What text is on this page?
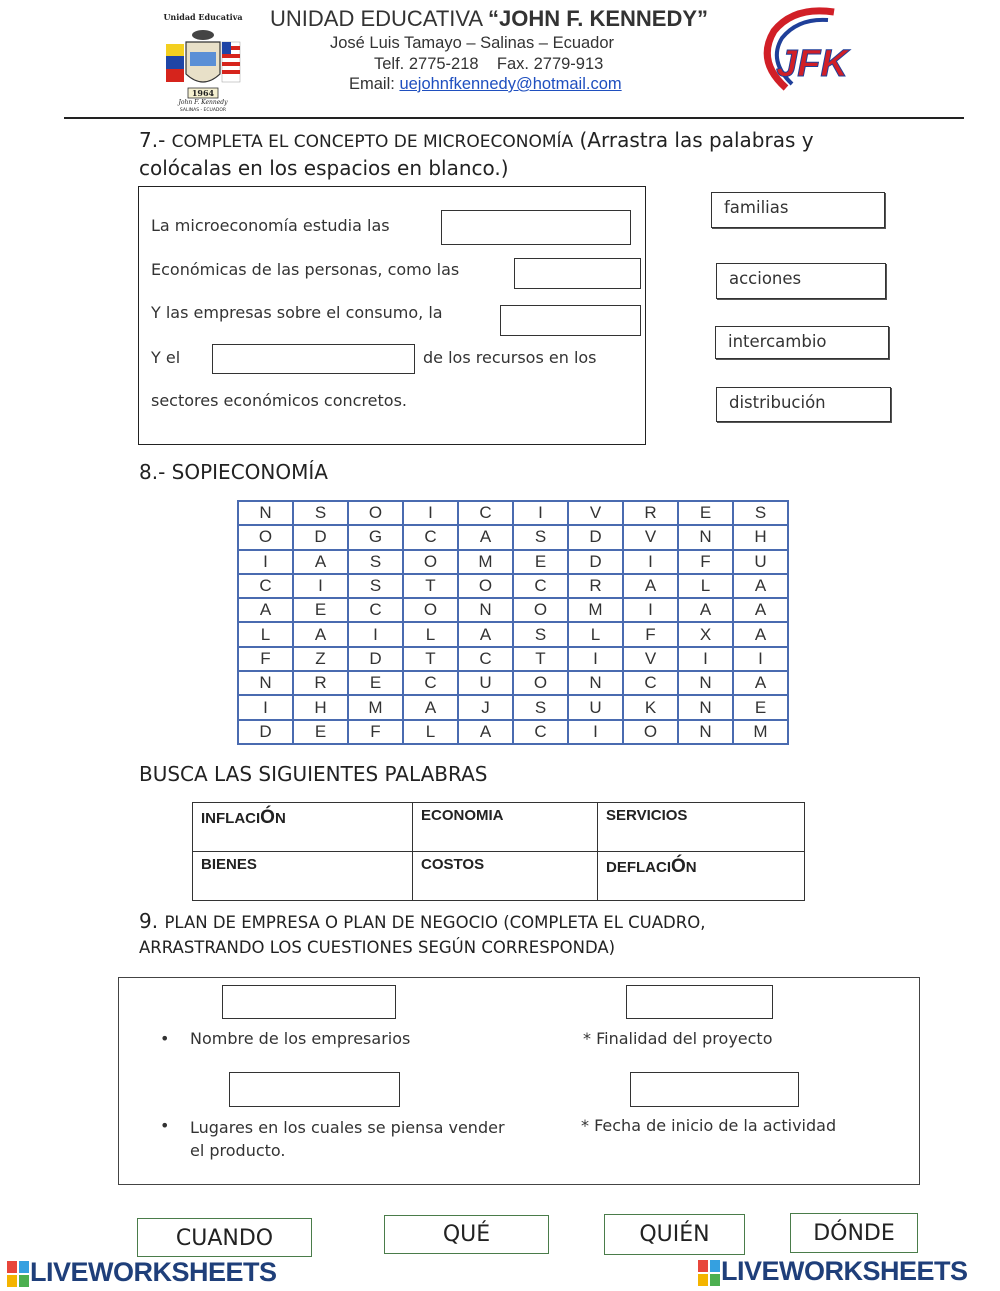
1964
Unidad Educativa
John F. Kennedy
SALINAS - ECUADOR
UNIDAD EDUCATIVA “JOHN F. KENNEDY”
José Luis Tamayo – Salinas – Ecuador
Telf. 2775-218    Fax. 2779-913
Email: uejohnfkennedy@hotmail.com	JFK
7.- COMPLETA EL CONCEPTO DE MICROECONOMÍA (Arrastra las palabras y
colócalas en los espacios en blanco.)
La microeconomía estudia las
Económicas de las personas, como las
Y las empresas sobre el consumo, la
Y el	de los recursos en los
sectores económicos concretos.
familias
acciones
intercambio
distribución
8.- SOPIECONOMÍA
N	S	O	I	C	I	V	R	E	S
O	D	G	C	A	S	D	V	N	H
I	A	S	O	M	E	D	I	F	U
C	I	S	T	O	C	R	A	L	A
A	E	C	O	N	O	M	I	A	A
L	A	I	L	A	S	L	F	X	A
F	Z	D	T	C	T	I	V	I	I
N	R	E	C	U	O	N	C	N	A
I	H	M	A	J	S	U	K	N	E
D	E	F	L	A	C	I	O	N	M
BUSCA LAS SIGUIENTES PALABRAS
INFLACIÓN	ECONOMIA	SERVICIOS
BIENES	COSTOS	DEFLACIÓN
9. PLAN DE EMPRESA O PLAN DE NEGOCIO (COMPLETA EL CUADRO,
ARRASTRANDO LOS CUESTIONES SEGÚN CORRESPONDA)
• Nombre de los empresarios	* Finalidad del proyecto
• Lugares en los cuales se piensa vender
el producto.
* Fecha de inicio de la actividad
CUANDO	QUÉ	QUIÉN	DÓNDE
LIVEWORKSHEETS	LIVEWORKSHEETS
